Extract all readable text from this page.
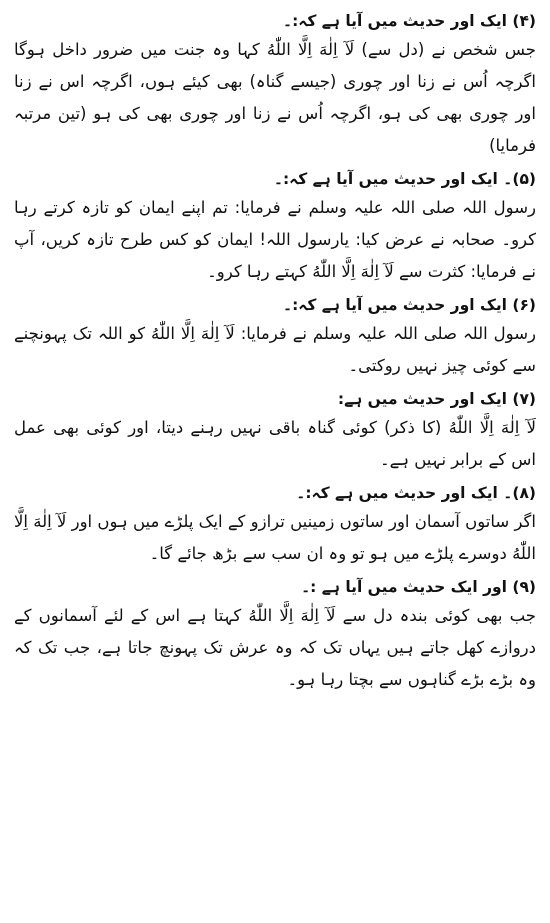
(۴) ایک اور حدیث میں آیا ہے کہ:۔

جس شخص نے (دل سے) لَآ اِلٰهَ اِلَّا اللّٰهُ کہا وہ جنت میں ضرور داخل ہوگا اگرچہ اُس نے زنا اور چوری (جیسے گناہ) بھی کیئے ہوں، اگرچہ اس نے زنا اور چوری بھی کی ہو، اگرچہ اُس نے زنا اور چوری بھی کی ہو (تین مرتبہ فرمایا)

(۵)۔ ایک اور حدیث میں آیا ہے کہ:۔

رسول اللہ صلی اللہ علیہ وسلم نے فرمایا: تم اپنے ایمان کو تازہ کرتے رہا کرو۔ صحابہ نے عرض کیا: یارسول اللہ! ایمان کو کس طرح تازہ کریں، آپ نے فرمایا: کثرت سے لَآ اِلٰهَ اِلَّا اللّٰهُ کہتے رہا کرو۔

(۶) ایک اور حدیث میں آیا ہے کہ:۔

رسول اللہ صلی اللہ علیہ وسلم نے فرمایا: لَآ اِلٰهَ اِلَّا اللّٰهُ کو اللہ تک پہونچنے سے کوئی چیز نہیں روکتی۔

(۷) ایک اور حدیث میں ہے:

لَآ اِلٰهَ اِلَّا اللّٰهُ (کا ذکر) کوئی گناہ باقی نہیں رہنے دیتا، اور کوئی بھی عمل اس کے برابر نہیں ہے۔

(۸)۔ ایک اور حدیث میں ہے کہ:۔

اگر ساتوں آسمان اور ساتوں زمینیں ترازو کے ایک پلڑے میں ہوں اور لَآ اِلٰهَ اِلَّا اللّٰهُ دوسرے پلڑے میں ہو تو وہ ان سب سے بڑھ جائے گا۔

(۹) اور ایک حدیث میں آیا ہے :۔

جب بھی کوئی بندہ دل سے لَآ اِلٰهَ اِلَّا اللّٰهُ کہتا ہے اس کے لئے آسمانوں کے دروازے کھل جاتے ہیں یہاں تک کہ وہ عرش تک پہونچ جاتا ہے، جب تک کہ وہ بڑے بڑے گناہوں سے بچتا رہا ہو۔
